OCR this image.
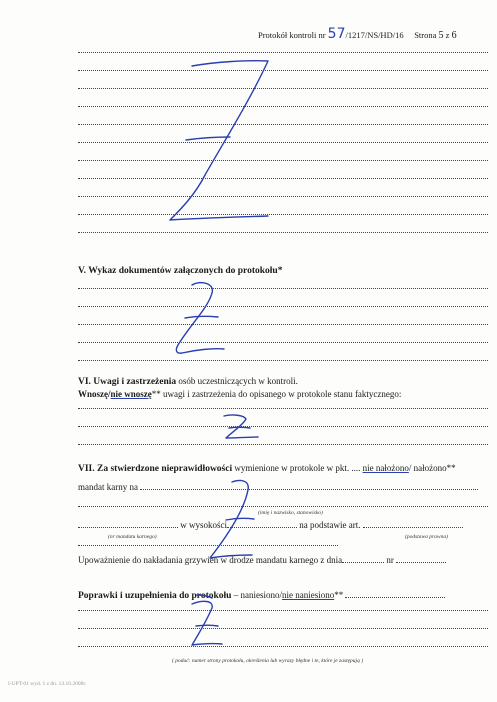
Protokół kontroli nr 57/1217/NS/HD/16 Strona 5 z 6
V. Wykaz dokumentów załączonych do protokołu*
VI. Uwagi i zastrzeżenia osób uczestniczących w kontroli.
Wnoszę/nie wnoszę** uwagi i zastrzeżenia do opisanego w protokole stanu faktycznego:
VII. Za stwierdzone nieprawidłowości wymienione w protokole w pkt. .... nie nałożono/ nałożono**
mandat karny na
(imię i nazwisko, stanowisko)
w wysokości	na podstawie art.
(nr mandatu karnego)	(podstawa prawna)
Upoważnienie do nakładania grzywien w drodze mandatu karnego z dnia	nr
Poprawki i uzupełnienia do protokołu – naniesiono/nie naniesiono**
( podać: numer strony protokołu, określenia lub wyrazy błędne i te, które je zastępują )
I-UPT-01 wyd. 1 z dn. 13.10.2008r.
